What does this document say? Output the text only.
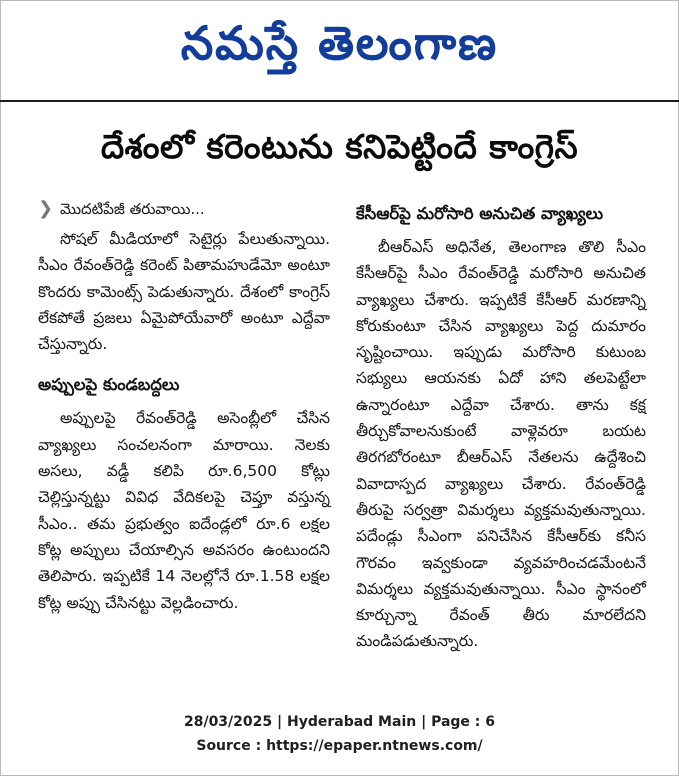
నమస్తే తెలంగాణ
దేశంలో కరెంటును కనిపెట్టిందే కాంగ్రెస్
❯ మొదటిపేజీ తరువాయి...

సోషల్ మీడియాలో సెటైర్లు పేలుతున్నాయి. సీఎం రేవంత్‌రెడ్డి కరెంట్ పితామహుడేమో అంటూ కొందరు కామెంట్స్ పెడుతున్నారు. దేశంలో కాంగ్రెస్ లేకపోతే ప్రజలు ఏమైపోయేవారో అంటూ ఎద్దేవా చేస్తున్నారు.

అప్పులపై కుండబద్దలు

అప్పులపై రేవంత్‌రెడ్డి అసెంబ్లీలో చేసిన వ్యాఖ్యలు సంచలనంగా మారాయి. నెలకు అసలు, వడ్డీ కలిపి రూ.6,500 కోట్లు చెల్లిస్తున్నట్టు వివిధ వేదికలపై చెప్తూ వస్తున్న సీఎం.. తమ ప్రభుత్వం ఐదేండ్లలో రూ.6 లక్షల కోట్ల అప్పులు చేయాల్సిన అవసరం ఉంటుందని తెలిపారు. ఇప్పటికే 14 నెలల్లోనే రూ.1.58 లక్షల కోట్ల అప్పు చేసినట్టు వెల్లడించారు.

కేసీఆర్‌పై మరోసారి అనుచిత వ్యాఖ్యలు

బీఆర్‌ఎస్ అధినేత, తెలంగాణ తొలి సీఎం కేసీఆర్‌పై సీఎం రేవంత్‌రెడ్డి మరోసారి అనుచిత వ్యాఖ్యలు చేశారు. ఇప్పటికే కేసీఆర్ మరణాన్ని కోరుకుంటూ చేసిన వ్యాఖ్యలు పెద్ద దుమారం సృష్టించాయి. ఇప్పుడు మరోసారి కుటుంబ సభ్యులు ఆయనకు ఏదో హాని తలపెట్టేలా ఉన్నారంటూ ఎద్దేవా చేశారు. తాను కక్ష తీర్చుకోవాలనుకుంటే వాళ్లెవరూ బయట తిరగబోరంటూ బీఆర్‌ఎస్ నేతలను ఉద్దేశించి వివాదాస్పద వ్యాఖ్యలు చేశారు. రేవంత్‌రెడ్డి తీరుపై సర్వత్రా విమర్శలు వ్యక్తమవుతున్నాయి. పదేండ్లు సీఎంగా పనిచేసిన కేసీఆర్‌కు కనీస గౌరవం ఇవ్వకుండా వ్యవహరించడమేంటనే విమర్శలు వ్యక్తమవుతున్నాయి. సీఎం స్థానంలో కూర్చున్నా రేవంత్ తీరు మారలేదని మండిపడుతున్నారు.

28/03/2025 | Hyderabad Main | Page : 6
Source : https://epaper.ntnews.com/
